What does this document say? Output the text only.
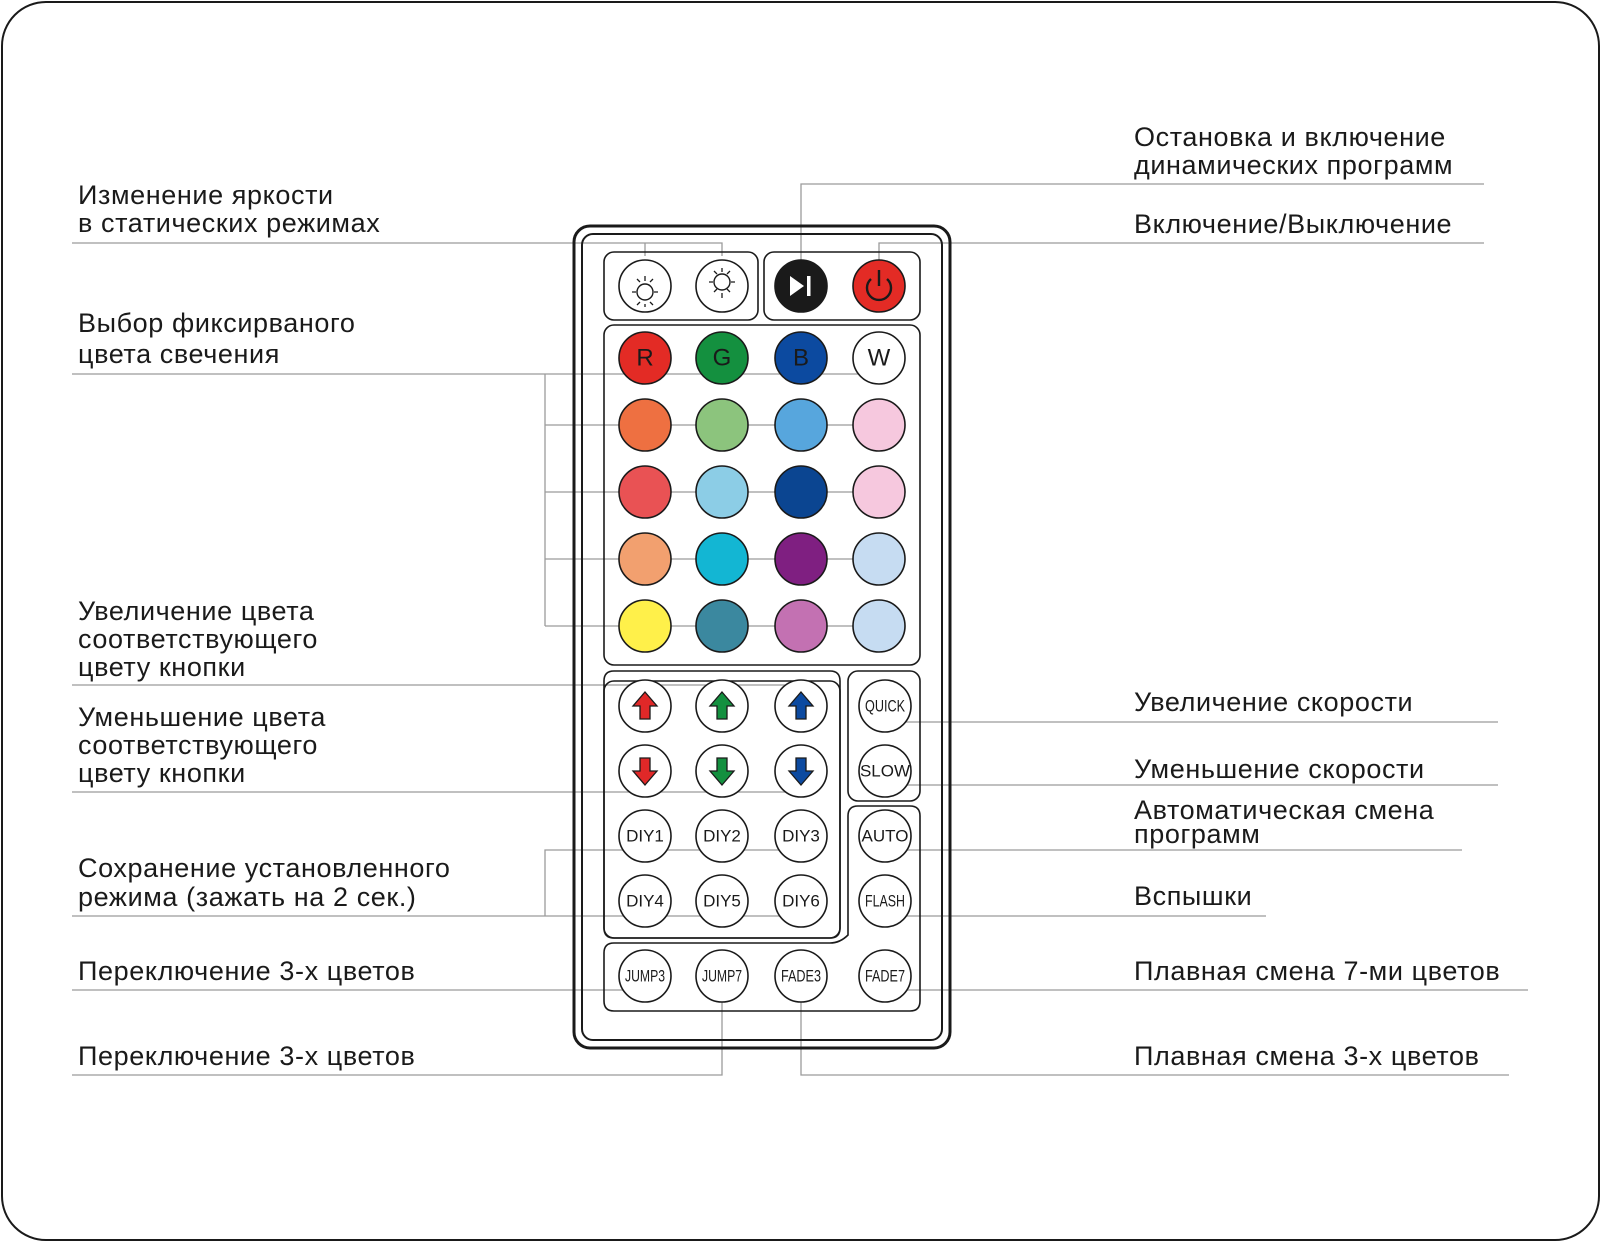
R G	B W
DIY1 DIY2 DIY3
DIY4 DIY5 DIY6
QUICK
SLOW
AUTO
FLASH
JUMP3 JUMP7 FADE3	FADE7
Изменение яркости
в статических режимах
Выбор фиксирваного
цвета свечения
Увеличение цвета
соответствующего
цвету кнопки
Уменьшение цвета
соответствующего
цвету кнопки
Сохранение установленного
режима (зажать на 2 сек.)
Переключение 3-х цветов
Переключение 3-х цветов
Остановка и включение
динамических программ
Включение/Выключение
Увеличение скорости
Уменьшение скорости
Автоматическая смена
программ
Вспышки
Плавная смена 7-ми цветов
Плавная смена 3-х цветов
